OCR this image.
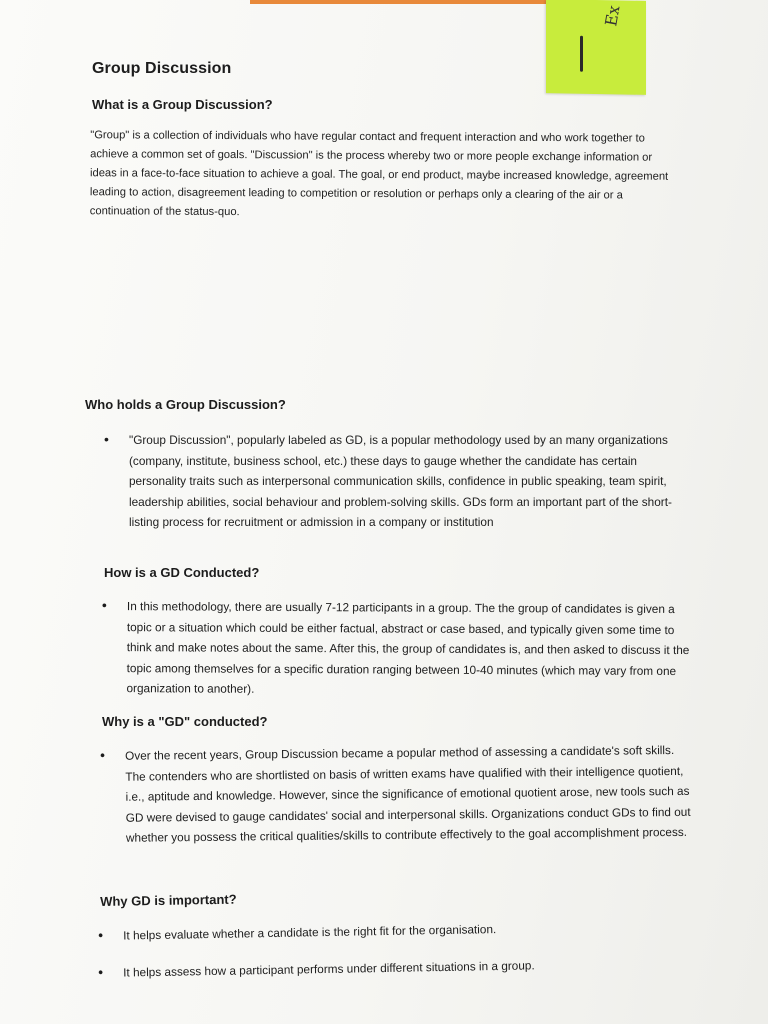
Ex
Group Discussion
What is a Group Discussion?

"Group" is a collection of individuals who have regular contact and frequent interaction and who work together to achieve a common set of goals. "Discussion" is the process whereby two or more people exchange information or ideas in a face-to-face situation to achieve a goal. The goal, or end product, maybe increased knowledge, agreement leading to action, disagreement leading to competition or resolution or perhaps only a clearing of the air or a continuation of the status-quo.

Who holds a Group Discussion?
• "Group Discussion", popularly labeled as GD, is a popular methodology used by an many organizations (company, institute, business school, etc.) these days to gauge whether the candidate has certain personality traits such as interpersonal communication skills, confidence in public speaking, team spirit, leadership abilities, social behaviour and problem-solving skills. GDs form an important part of the short-listing process for recruitment or admission in a company or institution

How is a GD Conducted?
• In this methodology, there are usually 7-12 participants in a group. The the group of candidates is given a topic or a situation which could be either factual, abstract or case based, and typically given some time to think and make notes about the same. After this, the group of candidates is, and then asked to discuss it the topic among themselves for a specific duration ranging between 10-40 minutes (which may vary from one organization to another).

Why is a "GD" conducted?
• Over the recent years, Group Discussion became a popular method of assessing a candidate's soft skills. The contenders who are shortlisted on basis of written exams have qualified with their intelligence quotient, i.e., aptitude and knowledge. However, since the significance of emotional quotient arose, new tools such as GD were devised to gauge candidates' social and interpersonal skills. Organizations conduct GDs to find out whether you possess the critical qualities/skills to contribute effectively to the goal accomplishment process.

Why GD is important?
• It helps evaluate whether a candidate is the right fit for the organisation.

• It helps assess how a participant performs under different situations in a group.
